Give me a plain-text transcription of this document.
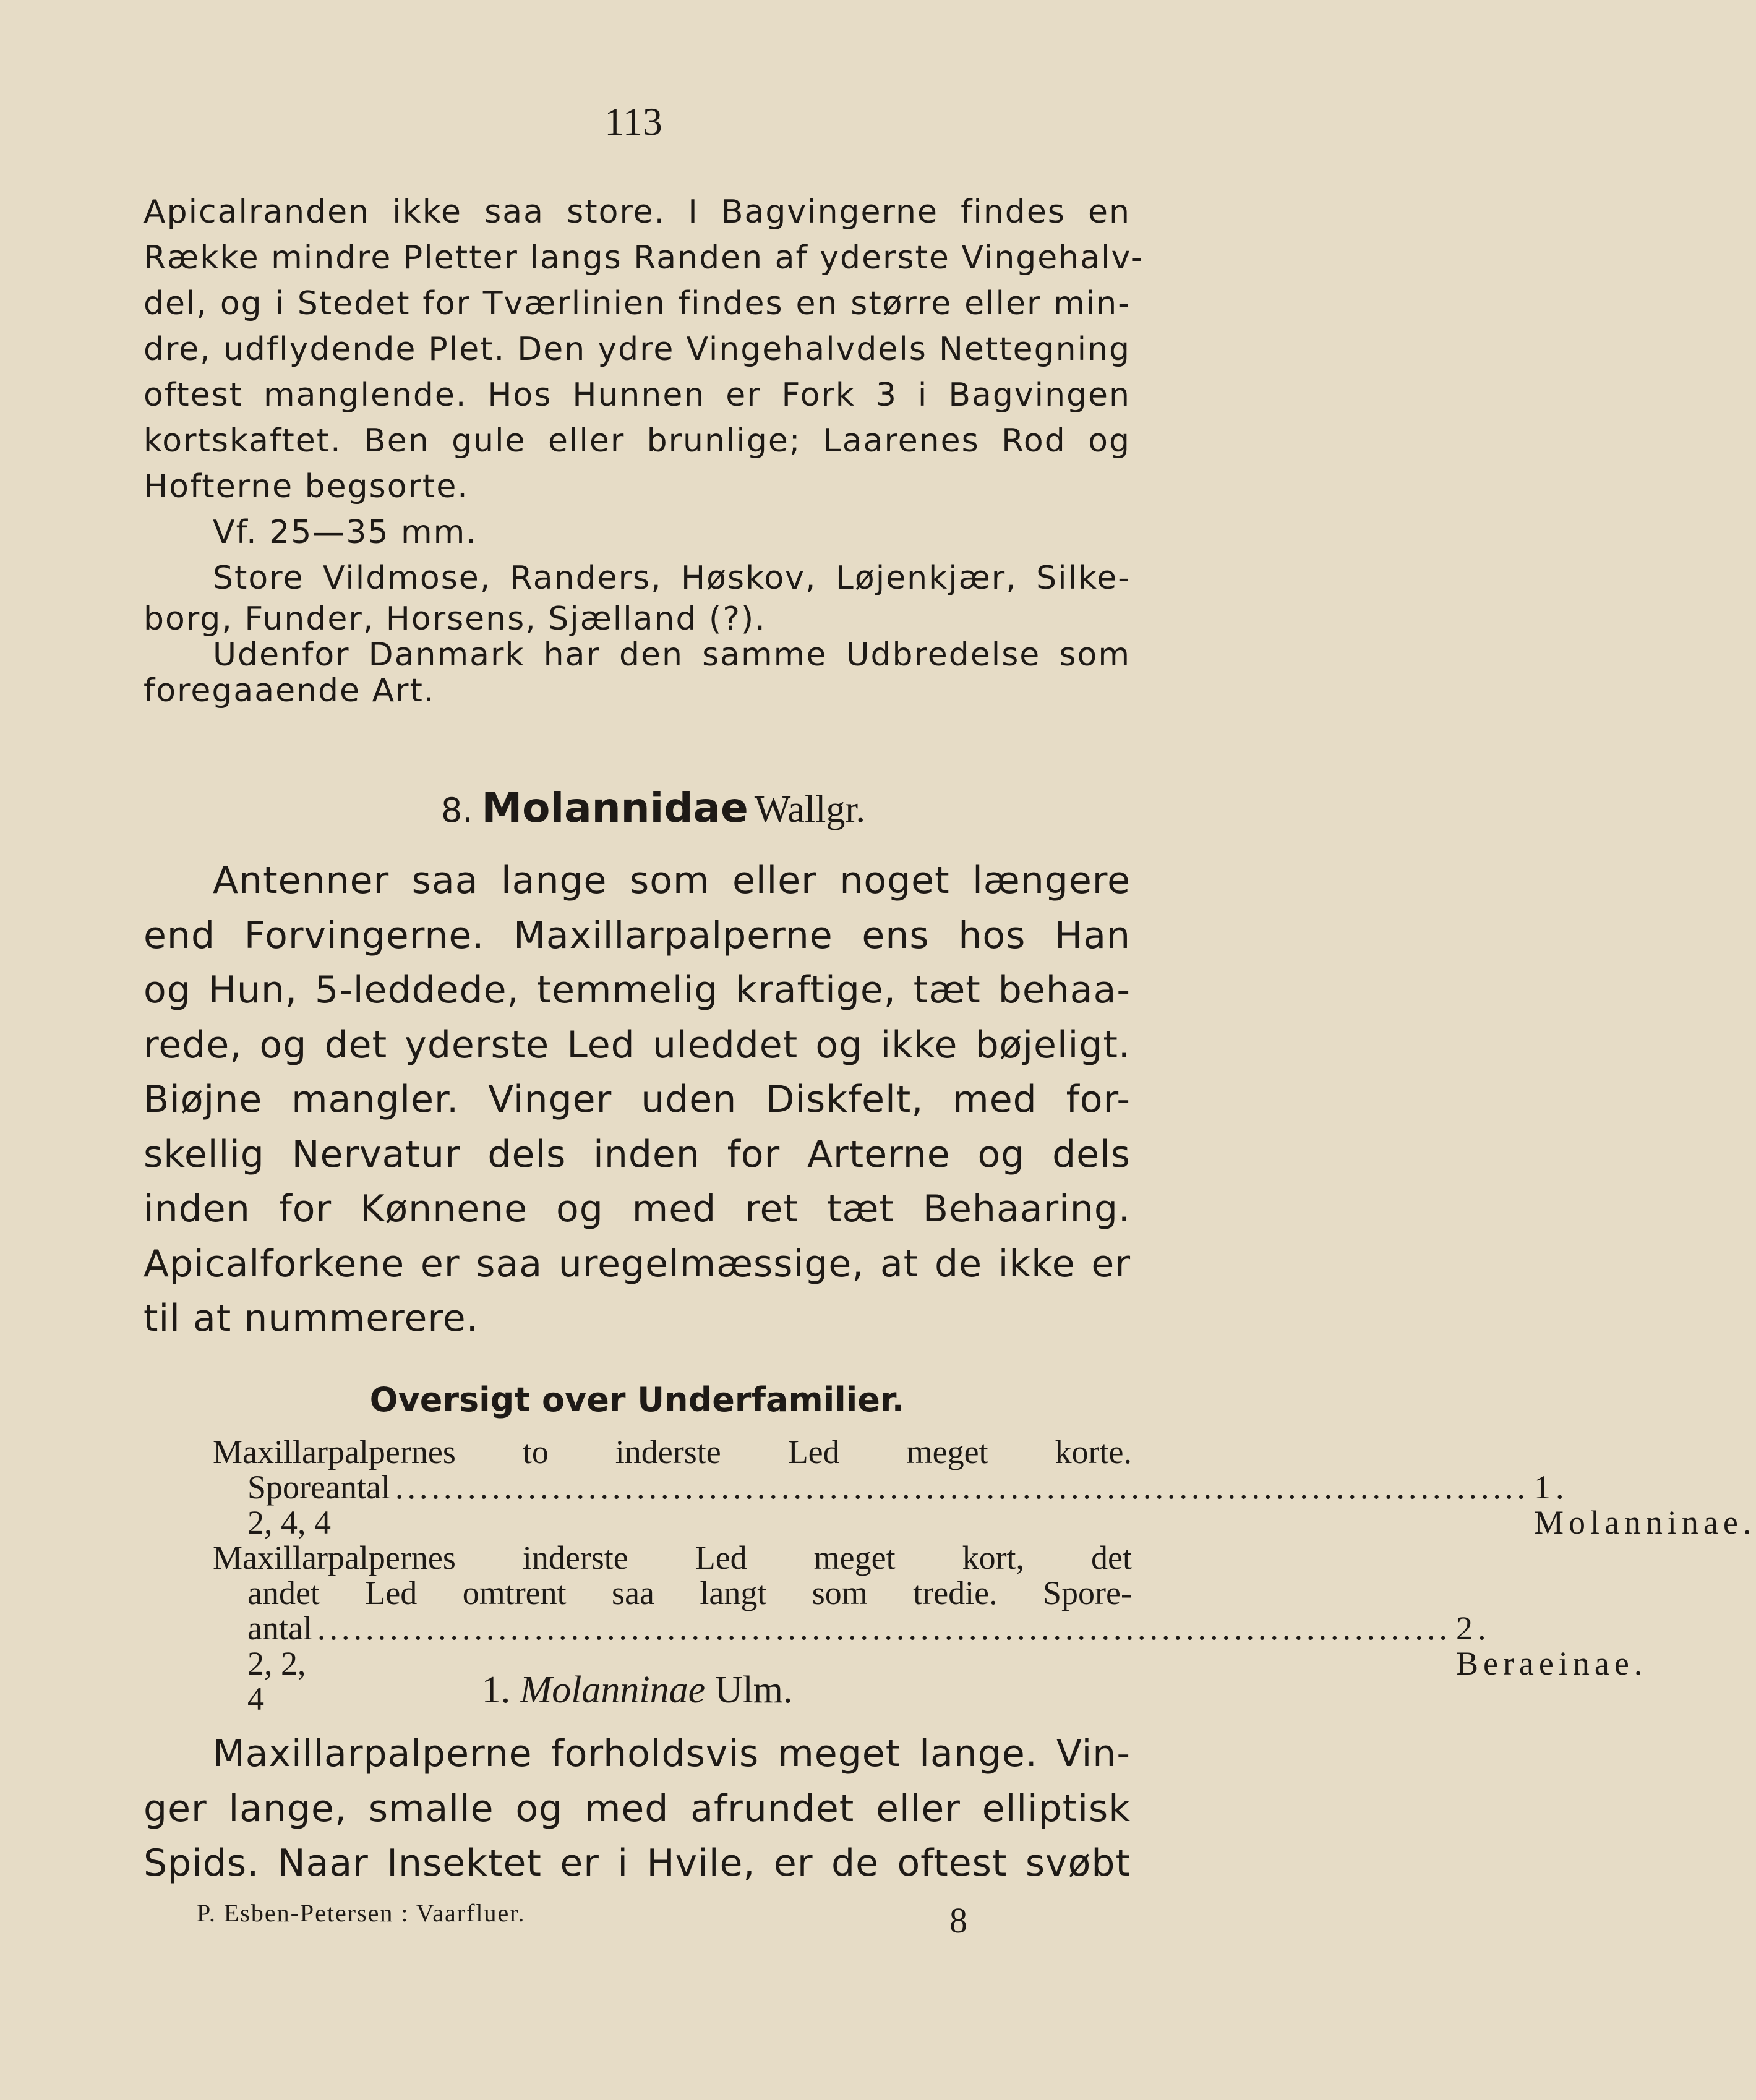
113
Apicalranden ikke saa store. I Bagvingerne findes en
Række mindre Pletter langs Randen af yderste Vingehalv-
del, og i Stedet for Tværlinien findes en større eller min-
dre, udflydende Plet. Den ydre Vingehalvdels Nettegning
oftest manglende. Hos Hunnen er Fork 3 i Bagvingen
kortskaftet. Ben gule eller brunlige; Laarenes Rod og
Hofterne begsorte.
Vf. 25—35 mm.
Store Vildmose, Randers, Høskov, Løjenkjær, Silke-
borg, Funder, Horsens, Sjælland (?).
Udenfor Danmark har den samme Udbredelse som
foregaaende Art.
8. Molannidae Wallgr.
Antenner saa lange som eller noget længere
end Forvingerne. Maxillarpalperne ens hos Han
og Hun, 5-leddede, temmelig kraftige, tæt behaa-
rede, og det yderste Led uleddet og ikke bøjeligt.
Biøjne mangler. Vinger uden Diskfelt, med for-
skellig Nervatur dels inden for Arterne og dels
inden for Kønnene og med ret tæt Behaaring.
Apicalforkene er saa uregelmæssige, at de ikke er
til at nummerere.
Oversigt over Underfamilier.
Maxillarpalpernes to inderste Led meget korte.
Sporeantal 2, 4, 4
.............................................................................................. 1. Molanninae.
Maxillarpalpernes inderste Led meget kort, det
andet Led omtrent saa langt som tredie. Spore-
antal 2, 2, 4
.............................................................................................. 2. Beraeinae.
1. Molanninae Ulm.
Maxillarpalperne forholdsvis meget lange. Vin-
ger lange, smalle og med afrundet eller elliptisk
Spids. Naar Insektet er i Hvile, er de oftest svøbt
P. Esben-Petersen : Vaarfluer.	8
